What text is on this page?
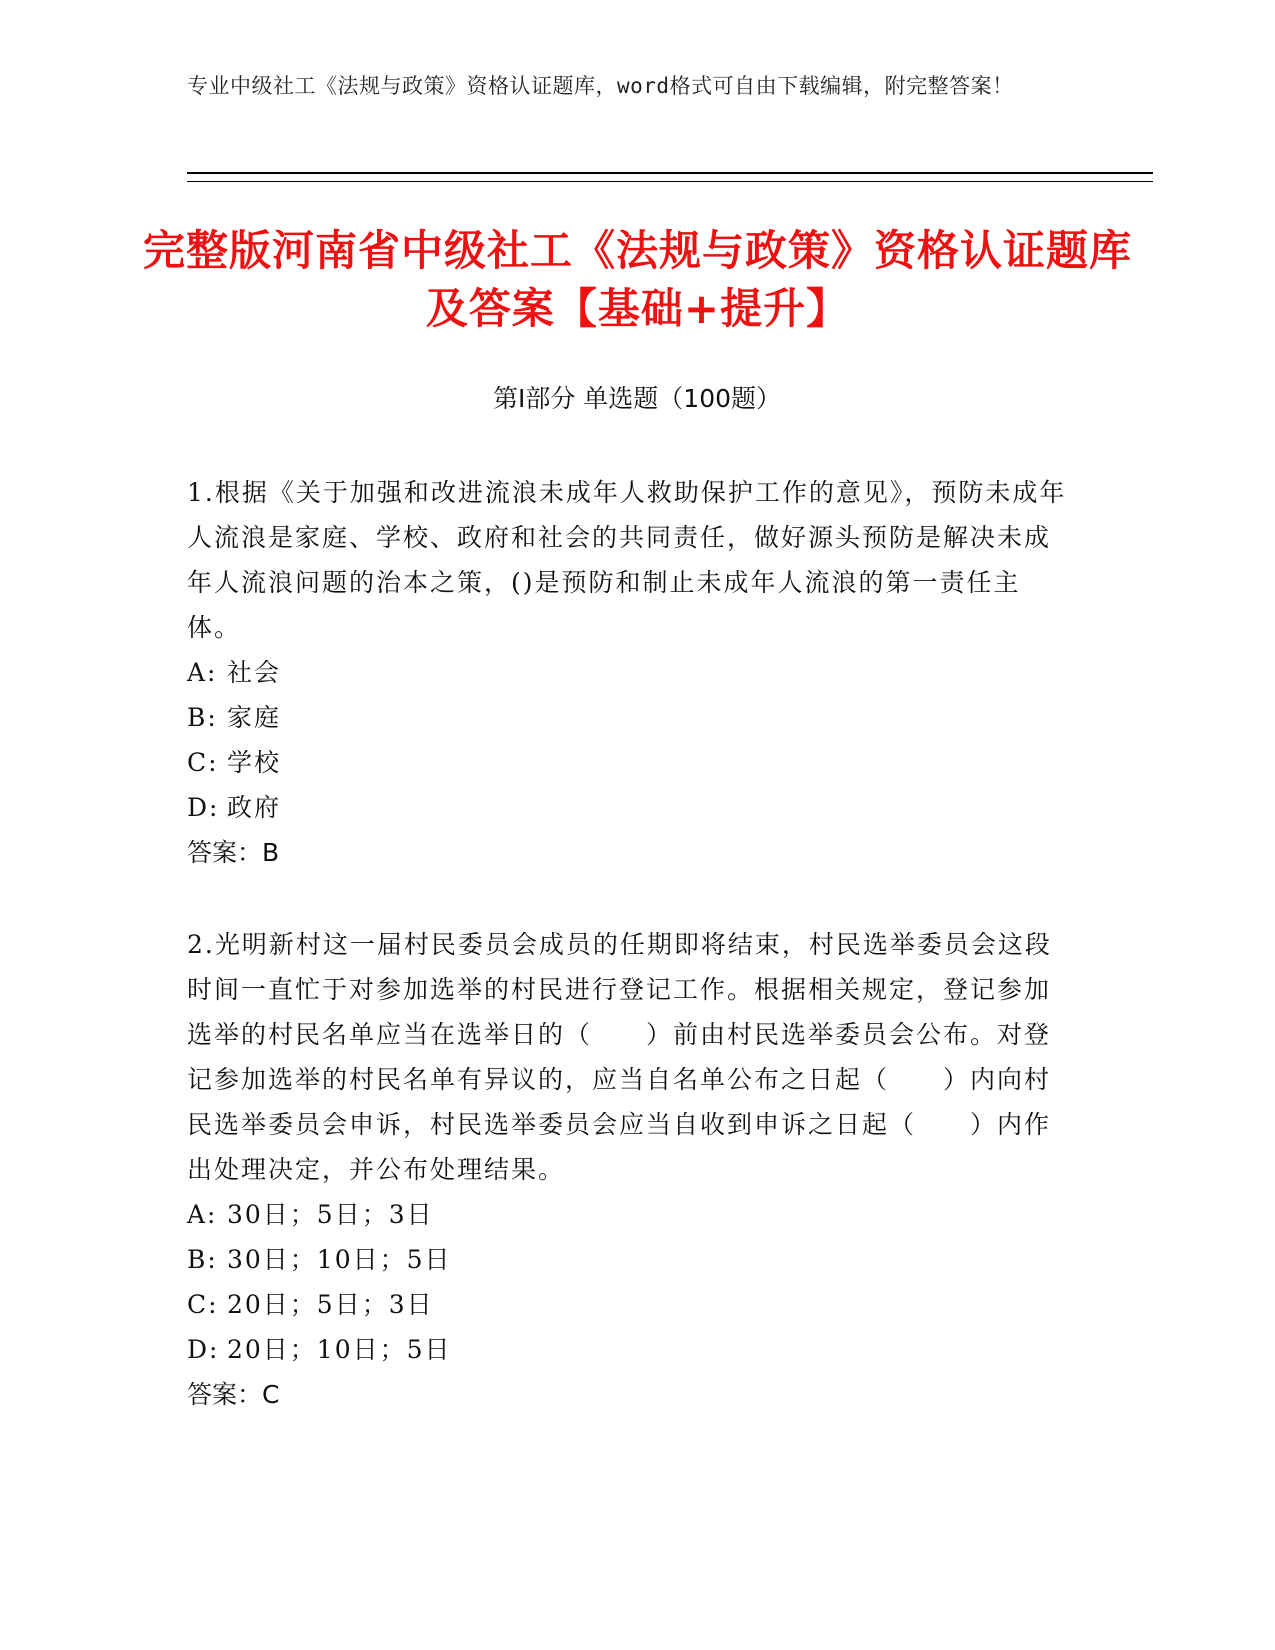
专业中级社工《法规与政策》资格认证题库，word格式可自由下载编辑，附完整答案！
完整版河南省中级社工《法规与政策》资格认证题库及答案【基础+提升】
第I部分 单选题（100题）
1.根据《关于加强和改进流浪未成年人救助保护工作的意见》，预防未成年人流浪是家庭、学校、政府和社会的共同责任，做好源头预防是解决未成年人流浪问题的治本之策，()是预防和制止未成年人流浪的第一责任主体。
A: 社会
B: 家庭
C: 学校
D: 政府
答案：B
2.光明新村这一届村民委员会成员的任期即将结束，村民选举委员会这段时间一直忙于对参加选举的村民进行登记工作。根据相关规定，登记参加选举的村民名单应当在选举日的（　　）前由村民选举委员会公布。对登记参加选举的村民名单有异议的，应当自名单公布之日起（　　）内向村民选举委员会申诉，村民选举委员会应当自收到申诉之日起（　　）内作出处理决定，并公布处理结果。
A: 30日；5日；3日
B: 30日；10日；5日
C: 20日；5日；3日
D: 20日；10日；5日
答案：C
